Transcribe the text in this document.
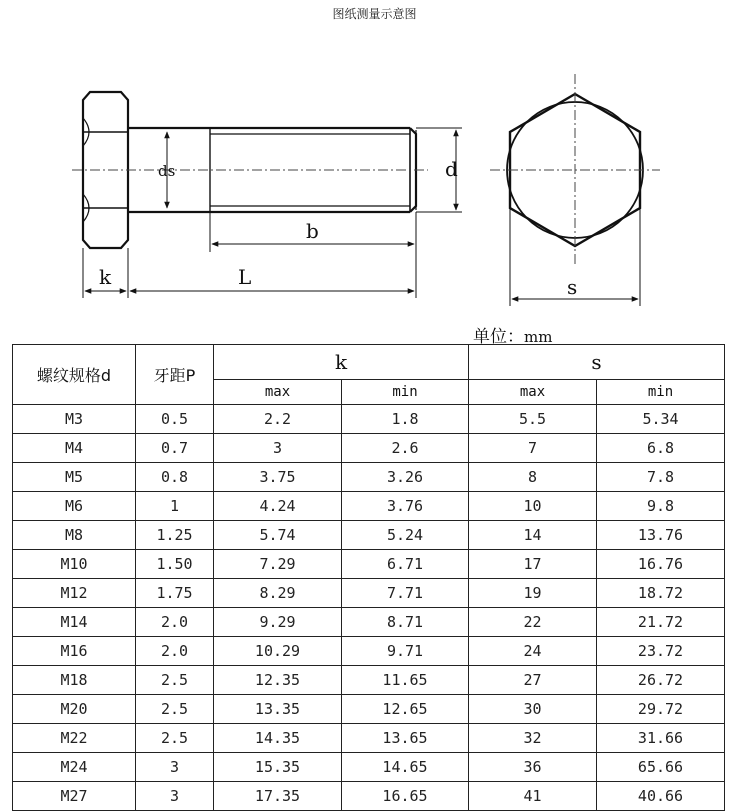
图纸测量示意图
ds	d
b
k	L	s
单位：mm
螺纹规格d	牙距P	k		s	
		max	min	max	min
M3	0.5	2.2	1.8	5.5	5.34
M4	0.7	3	2.6	7	6.8
M5	0.8	3.75	3.26	8	7.8
M6	1	4.24	3.76	10	9.8
M8	1.25	5.74	5.24	14	13.76
M10	1.50	7.29	6.71	17	16.76
M12	1.75	8.29	7.71	19	18.72
M14	2.0	9.29	8.71	22	21.72
M16	2.0	10.29	9.71	24	23.72
M18	2.5	12.35	11.65	27	26.72
M20	2.5	13.35	12.65	30	29.72
M22	2.5	14.35	13.65	32	31.66
M24	3	15.35	14.65	36	65.66
M27	3	17.35	16.65	41	40.66
